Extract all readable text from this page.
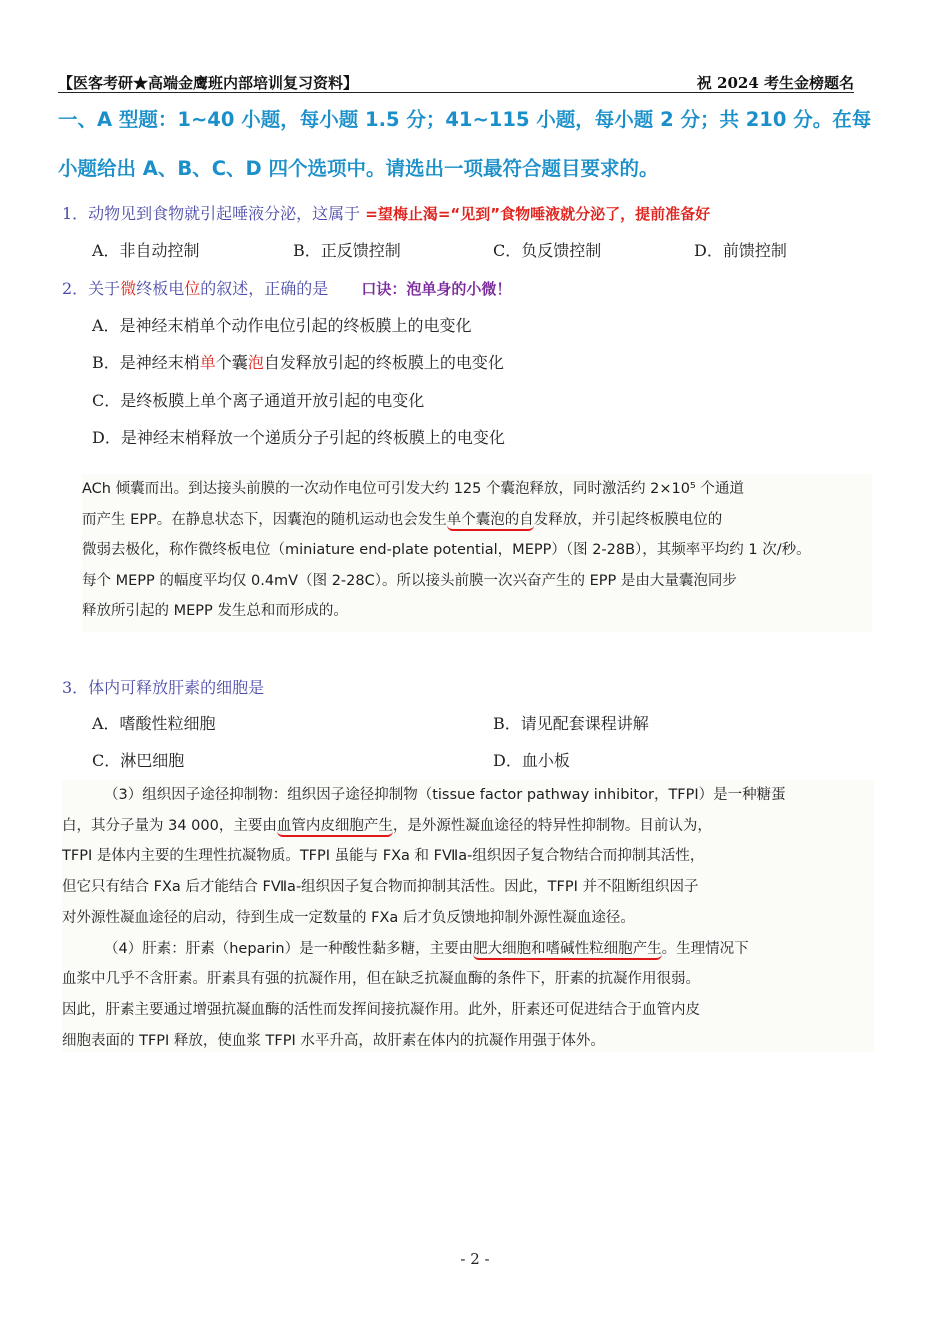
【医客考研★高端金鹰班内部培训复习资料】	祝 2024 考生金榜题名
一、A 型题：1~40 小题，每小题 1.5 分；41~115 小题，每小题 2 分；共 210 分。在每
小题给出 A、B、C、D 四个选项中。请选出一项最符合题目要求的。
1．动物见到食物就引起唾液分泌，这属于 =望梅止渴=“见到”食物唾液就分泌了，提前准备好
A．非自动控制	B．正反馈控制	C．负反馈控制	D．前馈控制
2．关于微终板电位的叙述，正确的是 口诀：泡单身的小微！
A．是神经末梢单个动作电位引起的终板膜上的电变化
B．是神经末梢单个囊泡自发释放引起的终板膜上的电变化
C．是终板膜上单个离子通道开放引起的电变化
D．是神经末梢释放一个递质分子引起的终板膜上的电变化

ACh 倾囊而出。到达接头前膜的一次动作电位可引发大约 125 个囊泡释放，同时激活约 2×10⁵ 个通道

而产生 EPP。在静息状态下，因囊泡的随机运动也会发生单个囊泡的自发释放，并引起终板膜电位的

微弱去极化，称作微终板电位（miniature end-plate potential，MEPP）（图 2-28B），其频率平均约 1 次/秒。

每个 MEPP 的幅度平均仅 0.4mV（图 2-28C）。所以接头前膜一次兴奋产生的 EPP 是由大量囊泡同步

释放所引起的 MEPP 发生总和而形成的。

3．体内可释放肝素的细胞是
A．嗜酸性粒细胞	B．请见配套课程讲解
C．淋巴细胞	D．血小板

（3）组织因子途径抑制物：组织因子途径抑制物（tissue factor pathway inhibitor，TFPI）是一种糖蛋

白，其分子量为 34 000，主要由血管内皮细胞产生，是外源性凝血途径的特异性抑制物。目前认为，

TFPI 是体内主要的生理性抗凝物质。TFPI 虽能与 FⅩa 和 FⅦa-组织因子复合物结合而抑制其活性，

但它只有结合 FⅩa 后才能结合 FⅦa-组织因子复合物而抑制其活性。因此，TFPI 并不阻断组织因子

对外源性凝血途径的启动，待到生成一定数量的 FⅩa 后才负反馈地抑制外源性凝血途径。

（4）肝素：肝素（heparin）是一种酸性黏多糖，主要由肥大细胞和嗜碱性粒细胞产生。生理情况下

血浆中几乎不含肝素。肝素具有强的抗凝作用，但在缺乏抗凝血酶的条件下，肝素的抗凝作用很弱。

因此，肝素主要通过增强抗凝血酶的活性而发挥间接抗凝作用。此外，肝素还可促进结合于血管内皮

细胞表面的 TFPI 释放，使血浆 TFPI 水平升高，故肝素在体内的抗凝作用强于体外。

- 2 -
